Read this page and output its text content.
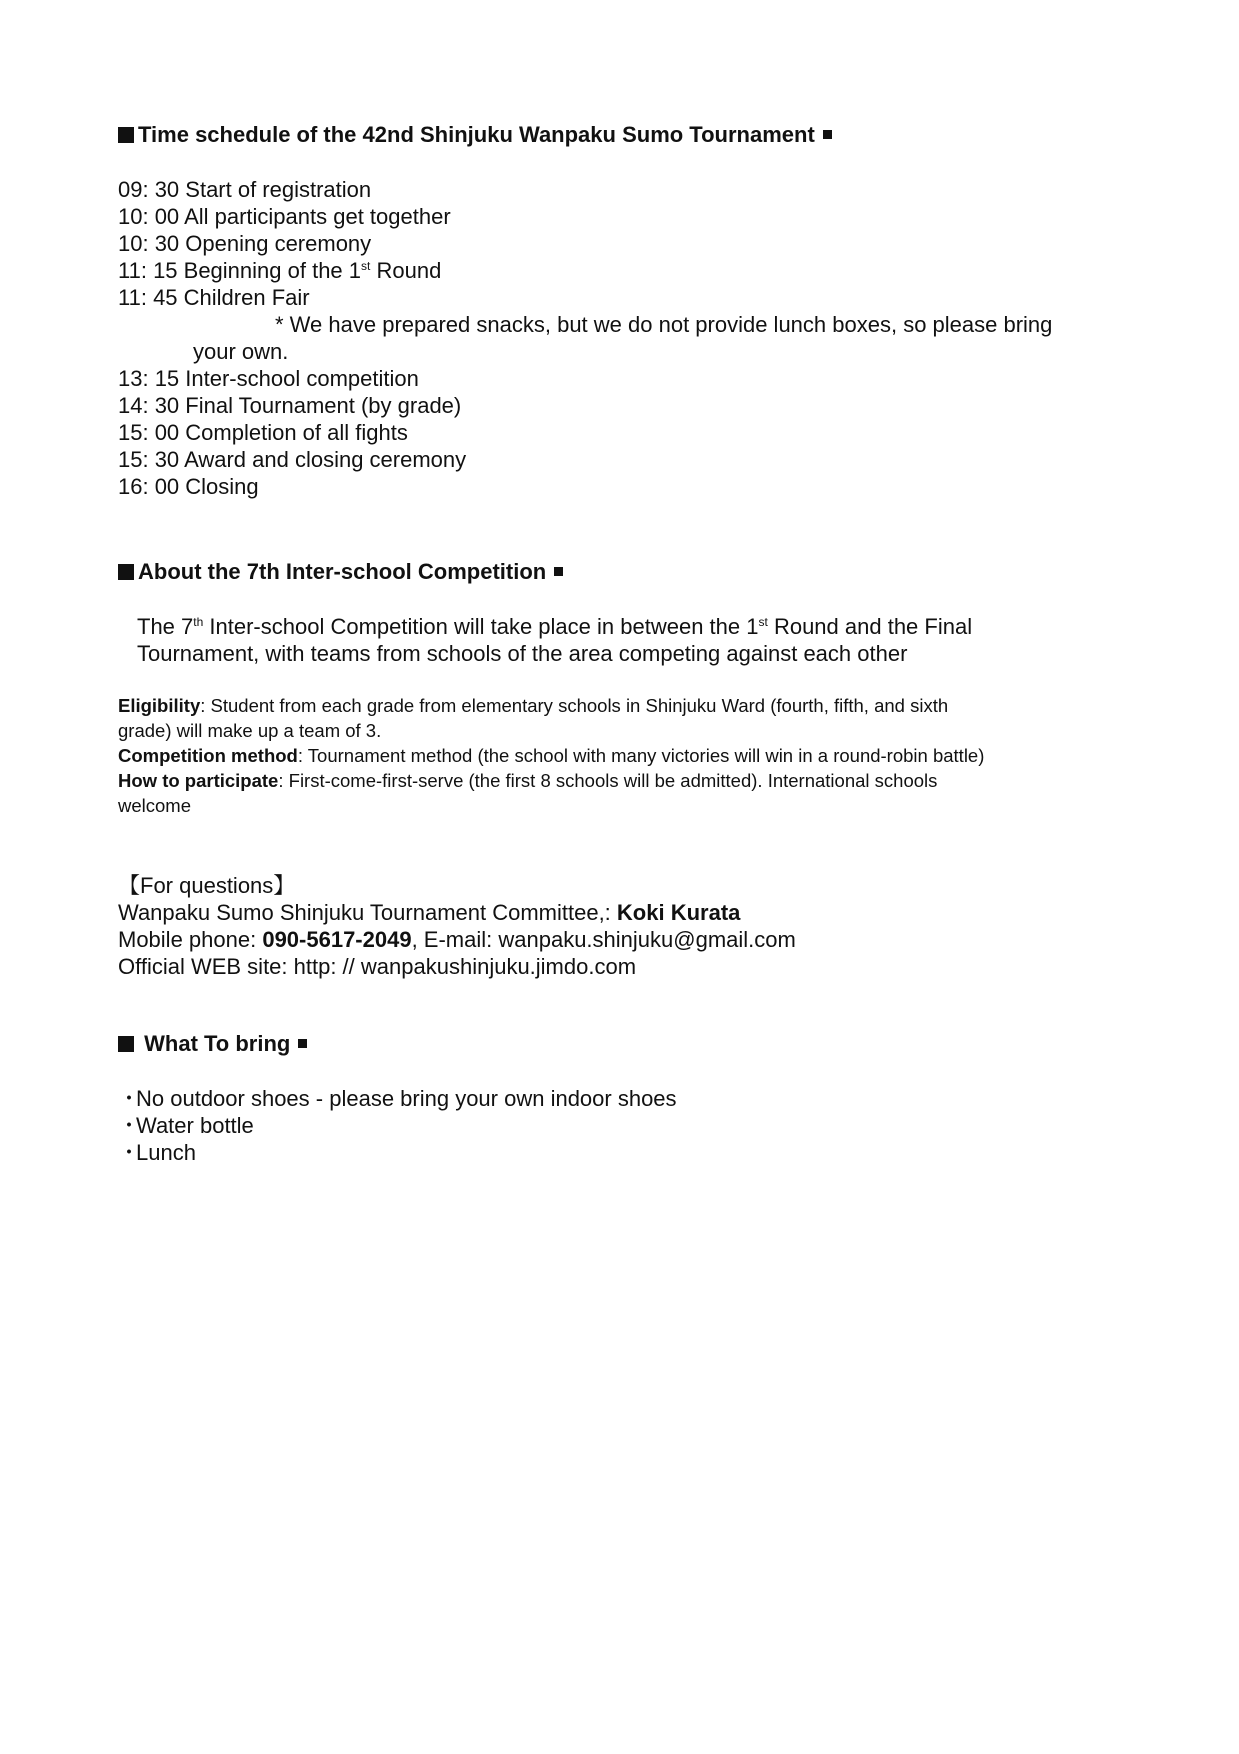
Time schedule of the 42nd Shinjuku Wanpaku Sumo Tournament
09: 30 Start of registration
10: 00 All participants get together
10: 30 Opening ceremony
11: 15 Beginning of the 1st Round
11: 45 Children Fair
* We have prepared snacks, but we do not provide lunch boxes, so please bring
your own.
13: 15 Inter-school competition
14: 30 Final Tournament (by grade)
15: 00 Completion of all fights
15: 30 Award and closing ceremony
16: 00 Closing
About the 7th Inter-school Competition
The 7th Inter-school Competition will take place in between the 1st Round and the Final
Tournament, with teams from schools of the area competing against each other
Eligibility: Student from each grade from elementary schools in Shinjuku Ward (fourth, fifth, and sixth
grade) will make up a team of 3.
Competition method: Tournament method (the school with many victories will win in a round-robin battle)
How to participate: First-come-first-serve (the first 8 schools will be admitted). International schools
welcome
【For questions】
Wanpaku Sumo Shinjuku Tournament Committee,: Koki Kurata
Mobile phone: 090-5617-2049, E-mail: wanpaku.shinjuku@gmail.com
Official WEB site: http: // wanpakushinjuku.jimdo.com
What To bring
・No outdoor shoes - please bring your own indoor shoes
・Water bottle
・Lunch
